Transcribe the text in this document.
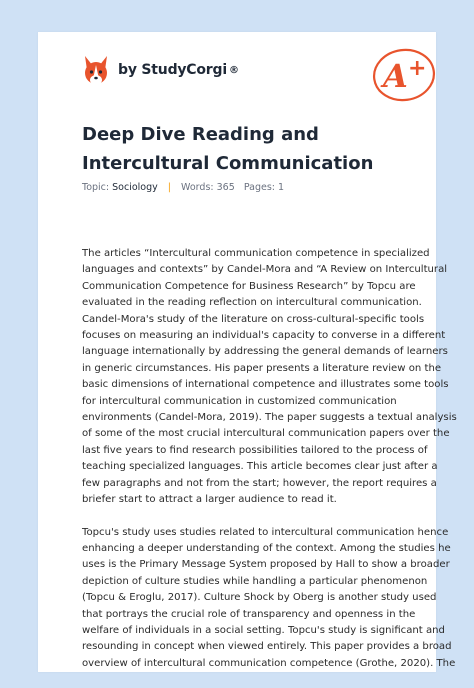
by StudyCorgi ®	A +
Deep Dive Reading and Intercultural Communication
Topic: Sociology | Words: 365 Pages: 1

The articles “Intercultural communication competence in specialized
languages and contexts” by Candel-Mora and “A Review on Intercultural
Communication Competence for Business Research” by Topcu are
evaluated in the reading reflection on intercultural communication.
Candel-Mora's study of the literature on cross-cultural-specific tools
focuses on measuring an individual's capacity to converse in a different
language internationally by addressing the general demands of learners
in generic circumstances. His paper presents a literature review on the
basic dimensions of international competence and illustrates some tools
for intercultural communication in customized communication
environments (Candel-Mora, 2019). The paper suggests a textual analysis
of some of the most crucial intercultural communication papers over the
last five years to find research possibilities tailored to the process of
teaching specialized languages. This article becomes clear just after a
few paragraphs and not from the start; however, the report requires a
briefer start to attract a larger audience to read it.

Topcu's study uses studies related to intercultural communication hence
enhancing a deeper understanding of the context. Among the studies he
uses is the Primary Message System proposed by Hall to show a broader
depiction of culture studies while handling a particular phenomenon
(Topcu & Eroglu, 2017). Culture Shock by Oberg is another study used
that portrays the crucial role of transparency and openness in the
welfare of individuals in a social setting. Topcu's study is significant and
resounding in concept when viewed entirely. This paper provides a broad
overview of intercultural communication competence (Grothe, 2020). The
